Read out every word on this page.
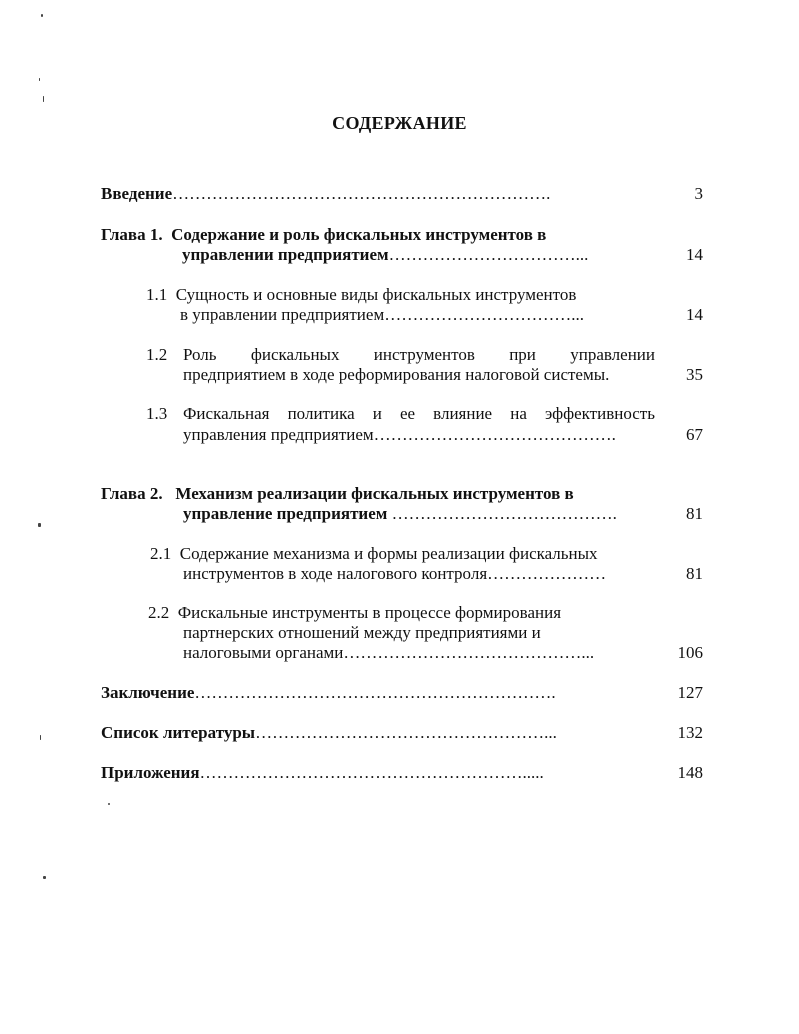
СОДЕРЖАНИЕ
Введение………………………………………………………….	3
Глава 1. Содержание и роль фискальных инструментов в
управлении предприятием……………………………...	14
1.1 Сущность и основные виды фискальных инструментов
в управлении предприятием……………………………...	14
1.2 Роль фискальных инструментов при управлении
предприятием в ходе реформирования налоговой системы.	35
1.3 Фискальная политика и ее влияние на эффективность
управления предприятием…………………………………….	67
Глава 2. Механизм реализации фискальных инструментов в
управление предприятием ………………………………….	81
2.1 Содержание механизма и формы реализации фискальных
инструментов в ходе налогового контроля…………………	81
2.2 Фискальные инструменты в процессе формирования
партнерских отношений между предприятиями и
налоговыми органами……………………………………...	106
Заключение……………………………………………………….	127
Список литературы……………………………………………...	132
Приложения………………………………………………….....	148
